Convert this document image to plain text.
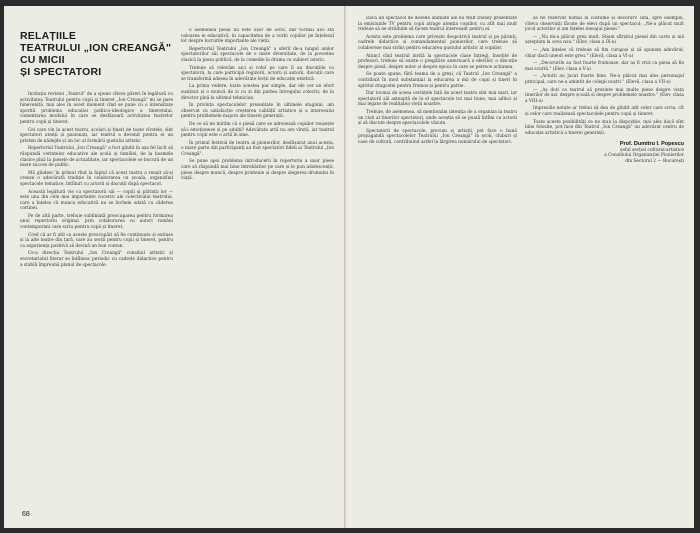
RELAȚIILE
TEATRULUI „ION CREANGĂ"
CU MICII
ȘI SPECTATORI

Invitația revistei „Teatrul" de a spune cîteva păreri în legătură cu activitatea Teatrului pentru copii și tineret „Ion Creangă" mi se pare binevenită, mai ales în acest moment cînd se pune cu o intensitate sporită problema educației politico-ideologice a tineretului, comentarea modului în care se desfășoară activitatea teatrelor pentru copii și tineret.

Cei care vin la acest teatru, școlari și tineri de toate vîrstele, sînt spectatori atenți și pasionați, iar teatrul a devenit pentru ei un prieten de nădejde și un loc al formării gustului artistic.

Repertoriul Teatrului „Ion Creangă" a fost gîndit în așa fel încît să răspundă cerințelor educative ale școlii și familiei, de la basmele clasice pînă la piesele de actualitate, iar spectacolele se bucură de un mare succes de public.

Mă gîndesc în primul rînd la faptul că acest teatru a reușit să-și creeze o adevărată tradiție în colaborarea cu școala, organizînd spectacole tematice, întîlniri cu actorii și discuții după spectacol.

Această legătură vie cu spectatorii săi — copiii și părinții lor — este una din cele mai importante cuceriri ale colectivului teatrului, care a înțeles că munca educativă nu se încheie odată cu căderea cortinei.

Pe de altă parte, trebuie subliniată preocuparea pentru formarea unui repertoriu original, prin colaborarea cu autori români contemporani care scriu pentru copii și tineret.

Cred că ar fi util ca aceste preocupări să fie continuate și extinse și la alte teatre din țară, care au secții pentru copii și tineret, pentru ca experiența pozitivă să devină un bun comun.

Ce-a direcția Teatrului „Ion Creangă" consiliul artistic și secretariatul literar se întîlnesc periodic cu cadrele didactice pentru a stabili împreună planul de spectacole.

o asemenea piesă nu este ușor de scris, dar tocmai aici stă valoarea ei educativă, în capacitatea de a vorbi copiilor pe înțelesul lor despre lucrurile importante ale vieții.

Repertoriul Teatrului „Ion Creangă" a oferit de-a lungul anilor spectatorilor săi spectacole de o mare diversitate, de la povestea clasică la piesa politică, de la comedie la drama cu subiect istoric.

Trebuie să relevăm aici și rolul pe care îl au discuțiile cu spectatorii, la care participă regizorii, actorii și autorii, discuții care se transformă adesea în adevărate lecții de educație estetică.

La prima vedere, toate acestea par simple, dar ele cer un efort susținut și o muncă de zi cu zi din partea întregului colectiv, de la director pînă la ultimul tehnician.

În privința spectacolelor prezentate în ultimele stagiuni, am observat cu satisfacție creșterea calității artistice și a interesului pentru problemele majore ale tinerei generații.

De ce să ne mirăm că o piesă care se adresează copiilor reușește să-i emoționeze și pe adulți? Adevărata artă nu are vîrstă, iar teatrul pentru copii este o artă în sine.

În primul festival de teatru al pionierilor, desfășurat anul acesta, o mare parte din participanți au fost spectatori fideli ai Teatrului „Ion Creangă".

Se pune apoi problema introducerii în repertoriu a unor piese care să răspundă mai bine întrebărilor pe care și le pun adolescenții, piese despre muncă, despre prietenie și despre alegerea drumului în viață.

68

Dacă un spectacol de desene animate ale lui Walt Disney prezentate la emisiunile TV pentru copii atrage atenția copiilor, cu atît mai mult trebuie să ne străduim să facem teatrul interesant pentru ei.

Acesta este problema care privește deopotrivă teatrul și pe părinți, cadrele didactice și comandamentul pionierilor, care trebuie să colaboreze mai strîns pentru educarea gustului artistic al copiilor.

Atunci cînd teatrul invită la spectacole clase întregi, însoțite de profesori, trebuie să existe o pregătire anterioară a elevilor, o discuție despre piesă, despre autor și despre epoca în care se petrece acțiunea.

Se poate spune, fără teama de a greși, că Teatrul „Ion Creangă" a contribuit în mod substanțial la educarea a mii de copii și tineri în spiritul dragostei pentru frumos și pentru patrie.

Dar tocmai de aceea cerințele față de acest teatru sînt mai mari, iar spectatorii săi așteaptă de la el spectacole tot mai bune, mai adînci și mai legate de realitatea vieții noastre.

Trebuie, de asemenea, să menționăm intenția de a organiza la teatru un club al tinerilor spectatori, unde aceștia să se poată întîlni cu actorii și să discute despre spectacolele văzute.

Spectatorii de spectacole, precum și artiștii, pot face o bună propagandă spectacolelor Teatrului „Ion Creangă" în școli, cluburi și case de cultură, contribuind astfel la lărgirea numărului de spectatori.

să fie rezervat numai la costume și decoruri! Iată, spre exemplu, cîteva observații făcute de elevi după un spectacol: „Ne-a plăcut mult jocul actorilor și am înțeles mesajul piesei."

— „Nu mi-a plăcut prea mult. Știam sfîrșitul piesei din carte și mă așteptam la ceva nou." (Elev, clasa a IX-a)

— „Am înțeles că trebuie să fim curajoși și să spunem adevărul, chiar dacă uneori este greu." (Elevă, clasa a VI-a)

— „Decorurile au fost foarte frumoase, dar aș fi vrut ca piesa să fie mai scurtă." (Elev, clasa a V-a)

— „Actorii au jucat foarte bine. Ne-a plăcut mai ales personajul principal, care ne-a amintit de colegii noștri." (Elevă, clasa a VII-a)

— „Aș dori ca teatrul să prezinte mai multe piese despre viața tinerilor de azi, despre școală și despre problemele noastre." (Elev, clasa a VIII-a)

Impresiile notate ar trebui să dea de gîndit atît celor care scriu, cît și celor care realizează spectacolele pentru copii și tineret.

Toate aceste posibilități ce ne stau la dispoziție, mai ales dacă sînt bine folosite, pot face din Teatrul „Ion Creangă" un adevărat centru de educație artistică a tinerei generații.

Prof. Dumitru I. Popescu
șeful secției cultural-artistice
a Consiliului Organizației Pionierilor
din Sectorul 2 — București
